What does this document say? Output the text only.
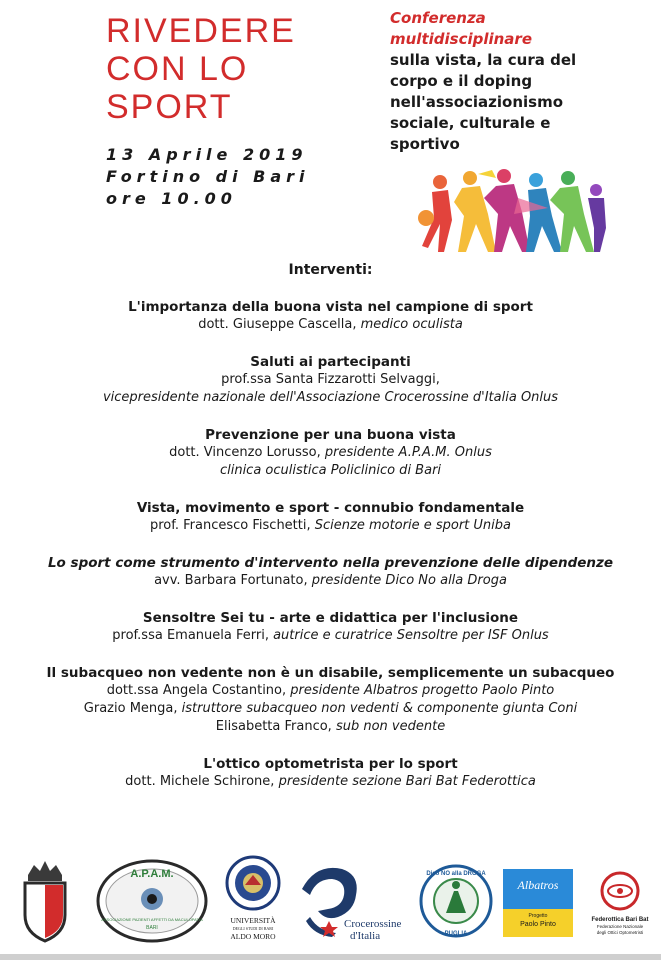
RIVEDERE
CON LO
SPORT
13 Aprile 2019
Fortino di Bari
ore 10.00
Conferenza
multidisciplinare
sulla vista, la cura del
corpo e il doping
nell'associazionismo
sociale, culturale e
sportivo
Interventi:
L'importanza della buona vista nel campione di sport
dott. Giuseppe Cascella, medico oculista
Saluti ai partecipanti
prof.ssa Santa Fizzarotti Selvaggi,
vicepresidente nazionale dell'Associazione Crocerossine d'Italia Onlus
Prevenzione per una buona vista
dott. Vincenzo Lorusso, presidente A.P.A.M. Onlus
clinica oculistica Policlinico di Bari
Vista, movimento e sport - connubio fondamentale
prof. Francesco Fischetti, Scienze motorie e sport Uniba
Lo sport come strumento d'intervento nella prevenzione delle dipendenze
avv. Barbara Fortunato, presidente Dico No alla Droga
Sensoltre Sei tu - arte e didattica per l'inclusione
prof.ssa Emanuela Ferri, autrice e curatrice Sensoltre per ISF Onlus
Il subacqueo non vedente non è un disabile, semplicemente un subacqueo
dott.ssa Angela Costantino, presidente Albatros progetto Paolo Pinto
Grazio Menga, istruttore subacqueo non vedenti & componente giunta Coni
Elisabetta Franco, sub non vedente
L'ottico optometrista per lo sport
dott. Michele Schirone, presidente sezione Bari Bat Federottica
A.P.A.M.
ASSOCIAZIONE PAZIENTI AFFETTI DA MACULOPATIA
BARI
UNIVERSITÀ
DEGLI STUDI DI BARI
ALDO MORO
Crocerossine
d'Italia
Dico NO alla DROGA
PUGLIA
Albatros
Progetto
Paolo Pinto
Federottica Bari Bat
Federazione Nazionale
degli Ottici Optometristi
